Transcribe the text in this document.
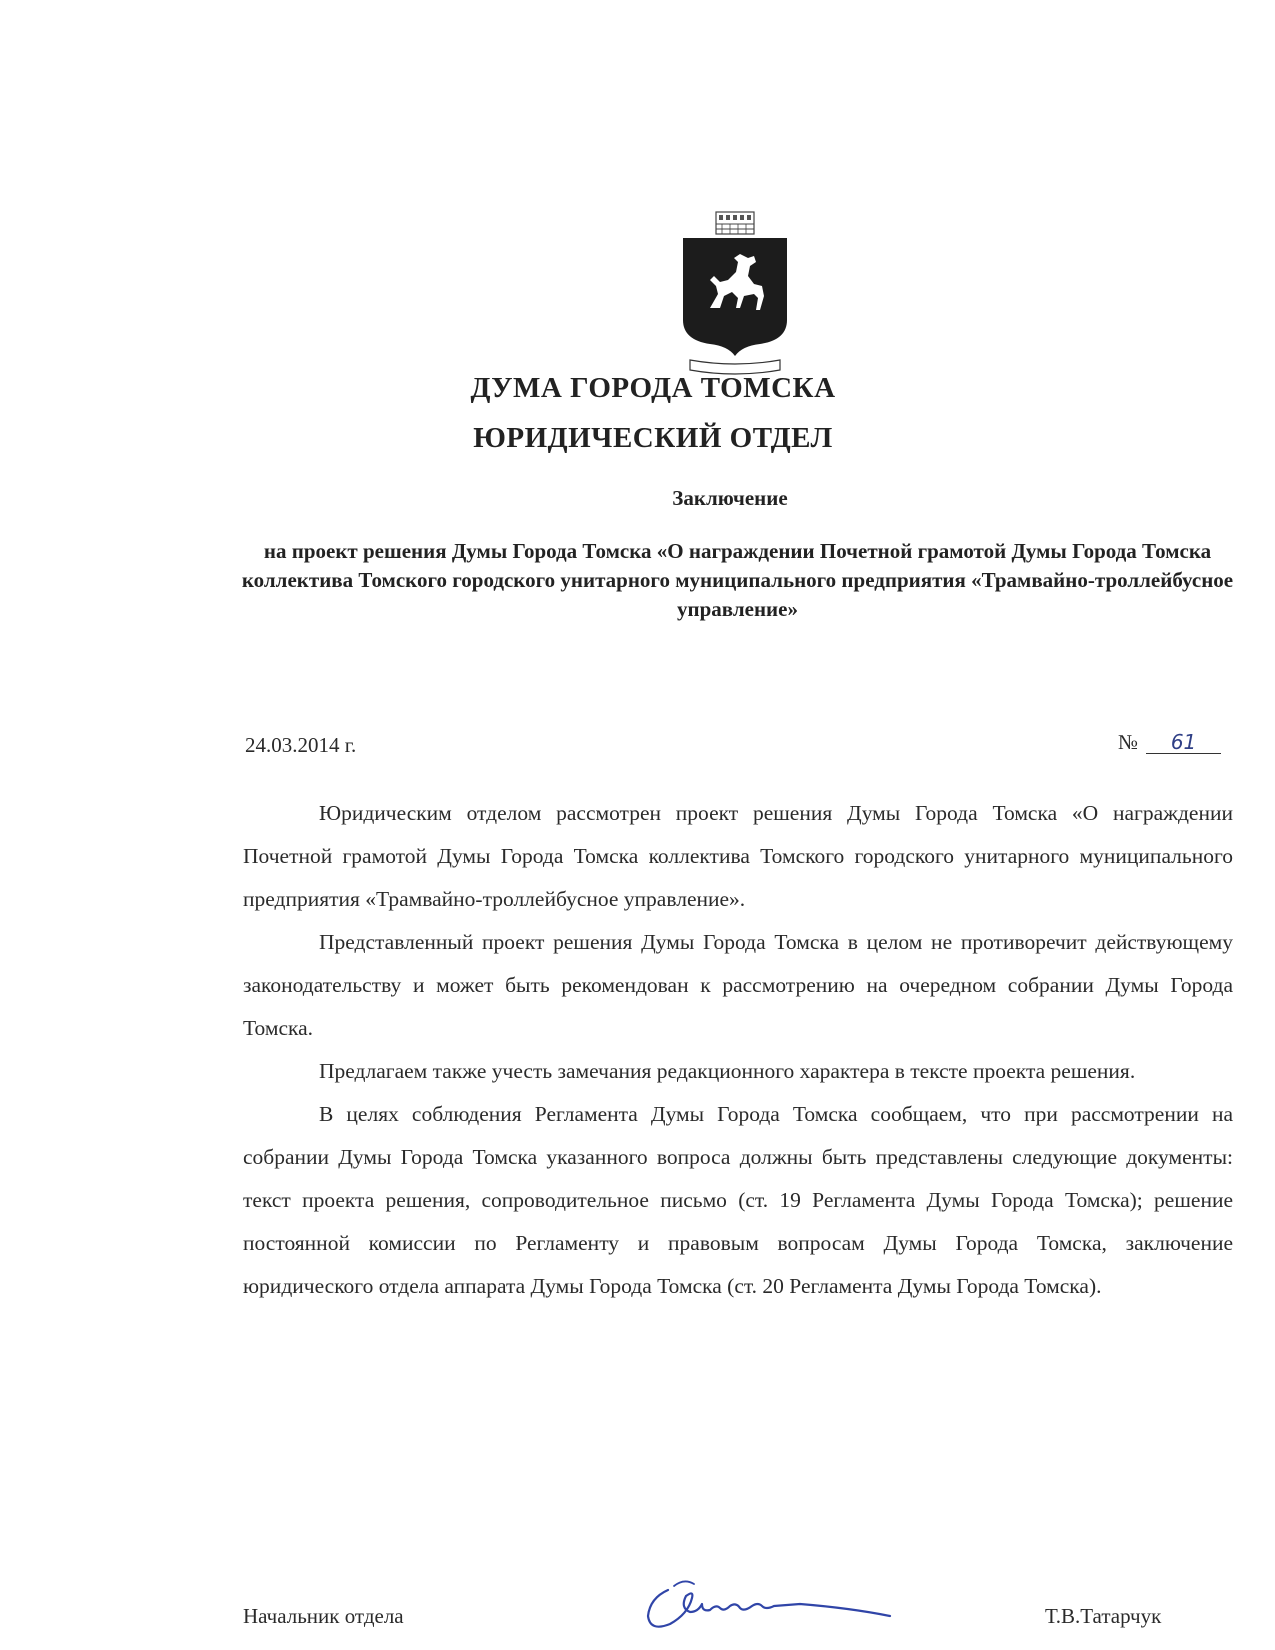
ДУМА ГОРОДА ТОМСКА
ЮРИДИЧЕСКИЙ ОТДЕЛ
Заключение
на проект решения Думы Города Томска «О награждении Почетной грамотой Думы Города Томска коллектива Томского городского унитарного муниципального предприятия «Трамвайно-троллейбусное управление»
24.03.2014 г.	№ 61

Юридическим отделом рассмотрен проект решения Думы Города Томска «О награждении Почетной грамотой Думы Города Томска коллектива Томского городского унитарного муниципального предприятия «Трамвайно-троллейбусное управление».

Представленный проект решения Думы Города Томска в целом не противоречит действующему законодательству и может быть рекомендован к рассмотрению на очередном собрании Думы Города Томска.

Предлагаем также учесть замечания редакционного характера в тексте проекта решения.

В целях соблюдения Регламента Думы Города Томска сообщаем, что при рассмотрении на собрании Думы Города Томска указанного вопроса должны быть представлены следующие документы: текст проекта решения, сопроводительное письмо (ст. 19 Регламента Думы Города Томска); решение постоянной комиссии по Регламенту и правовым вопросам Думы Города Томска, заключение юридического отдела аппарата Думы Города Томска (ст. 20 Регламента Думы Города Томска).

Начальник отдела	Т.В.Татарчук
